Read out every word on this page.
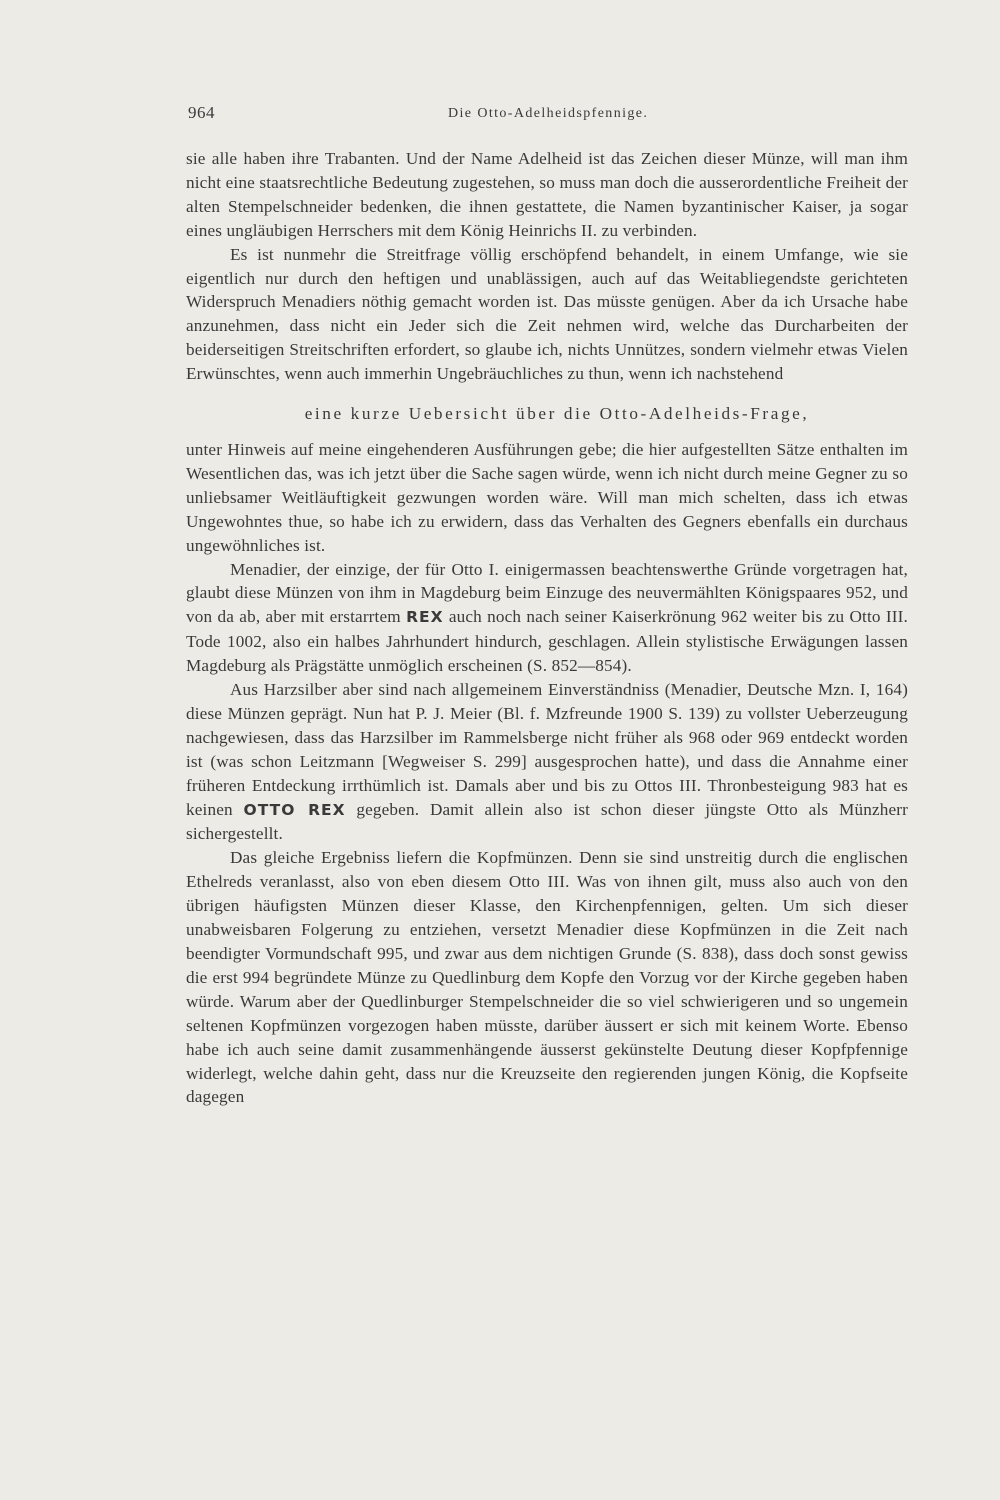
964	Die Otto-Adelheidspfennige.

sie alle haben ihre Trabanten. Und der Name Adelheid ist das Zeichen dieser Münze, will man ihm nicht eine staatsrechtliche Bedeutung zugestehen, so muss man doch die ausserordentliche Freiheit der alten Stempelschneider bedenken, die ihnen gestattete, die Namen byzantinischer Kaiser, ja sogar eines ungläubigen Herrschers mit dem König Heinrichs II. zu verbinden.

Es ist nunmehr die Streitfrage völlig erschöpfend behandelt, in einem Umfange, wie sie eigentlich nur durch den heftigen und unablässigen, auch auf das Weitabliegendste gerichteten Widerspruch Menadiers nöthig gemacht worden ist. Das müsste genügen. Aber da ich Ursache habe anzunehmen, dass nicht ein Jeder sich die Zeit nehmen wird, welche das Durcharbeiten der beiderseitigen Streitschriften erfordert, so glaube ich, nichts Unnützes, sondern vielmehr etwas Vielen Erwünschtes, wenn auch immerhin Ungebräuchliches zu thun, wenn ich nachstehend

eine kurze Uebersicht über die Otto-Adelheids-Frage,

unter Hinweis auf meine eingehenderen Ausführungen gebe; die hier aufgestellten Sätze enthalten im Wesentlichen das, was ich jetzt über die Sache sagen würde, wenn ich nicht durch meine Gegner zu so unliebsamer Weitläuftigkeit gezwungen worden wäre. Will man mich schelten, dass ich etwas Ungewohntes thue, so habe ich zu erwidern, dass das Verhalten des Gegners ebenfalls ein durchaus ungewöhnliches ist.

Menadier, der einzige, der für Otto I. einigermassen beachtenswerthe Gründe vorgetragen hat, glaubt diese Münzen von ihm in Magdeburg beim Einzuge des neuvermählten Königspaares 952, und von da ab, aber mit erstarrtem REX auch noch nach seiner Kaiserkrönung 962 weiter bis zu Otto III. Tode 1002, also ein halbes Jahrhundert hindurch, geschlagen. Allein stylistische Erwägungen lassen Magdeburg als Prägstätte unmöglich erscheinen (S. 852—854).

Aus Harzsilber aber sind nach allgemeinem Einverständniss (Menadier, Deutsche Mzn. I, 164) diese Münzen geprägt. Nun hat P. J. Meier (Bl. f. Mzfreunde 1900 S. 139) zu vollster Ueberzeugung nachgewiesen, dass das Harzsilber im Rammelsberge nicht früher als 968 oder 969 entdeckt worden ist (was schon Leitzmann [Wegweiser S. 299] ausgesprochen hatte), und dass die Annahme einer früheren Entdeckung irrthümlich ist. Damals aber und bis zu Ottos III. Thronbesteigung 983 hat es keinen OTTO REX gegeben. Damit allein also ist schon dieser jüngste Otto als Münzherr sichergestellt.

Das gleiche Ergebniss liefern die Kopfmünzen. Denn sie sind unstreitig durch die englischen Ethelreds veranlasst, also von eben diesem Otto III. Was von ihnen gilt, muss also auch von den übrigen häufigsten Münzen dieser Klasse, den Kirchenpfennigen, gelten. Um sich dieser unabweisbaren Folgerung zu entziehen, versetzt Menadier diese Kopfmünzen in die Zeit nach beendigter Vormundschaft 995, und zwar aus dem nichtigen Grunde (S. 838), dass doch sonst gewiss die erst 994 begründete Münze zu Quedlinburg dem Kopfe den Vorzug vor der Kirche gegeben haben würde. Warum aber der Quedlinburger Stempelschneider die so viel schwierigeren und so ungemein seltenen Kopfmünzen vorgezogen haben müsste, darüber äussert er sich mit keinem Worte. Ebenso habe ich auch seine damit zusammenhängende äusserst gekünstelte Deutung dieser Kopfpfennige widerlegt, welche dahin geht, dass nur die Kreuzseite den regierenden jungen König, die Kopfseite dagegen
